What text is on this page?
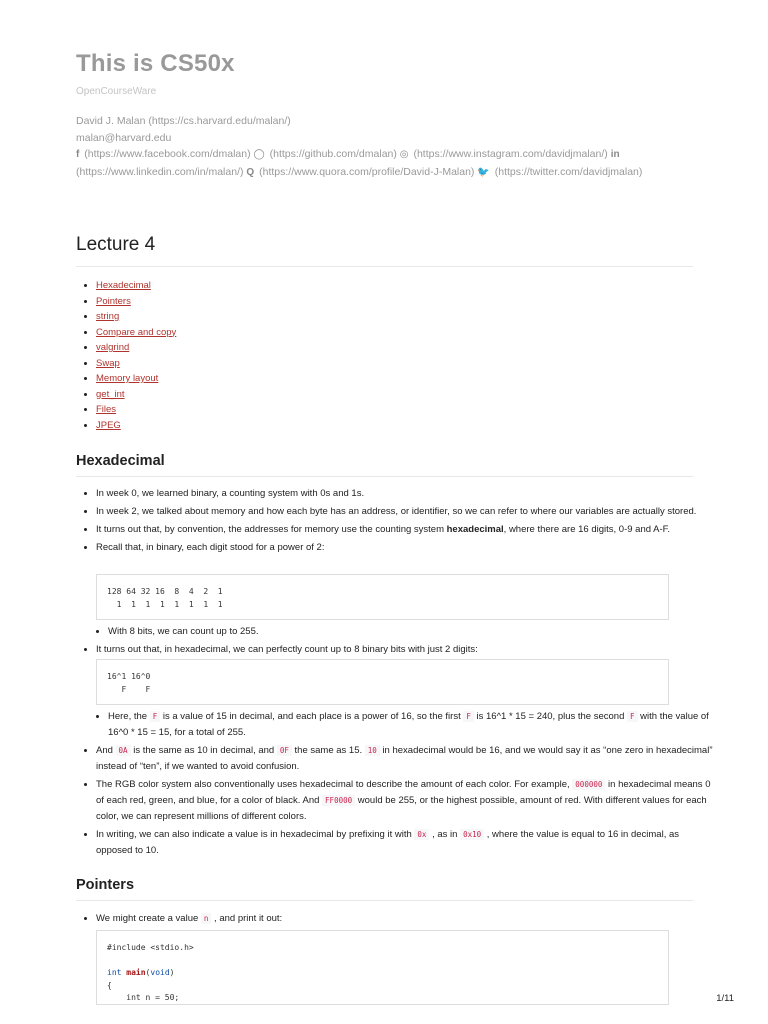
This is CS50x
OpenCourseWare
David J. Malan (https://cs.harvard.edu/malan/)
malan@harvard.edu
f (https://www.facebook.com/dmalan) ◯ (https://github.com/dmalan) ◎ (https://www.instagram.com/davidjmalan/) in (https://www.linkedin.com/in/malan/) Q (https://www.quora.com/profile/David-J-Malan) 🐦 (https://twitter.com/davidjmalan)
Lecture 4
• Hexadecimal
• Pointers
• string
• Compare and copy
• valgrind
• Swap
• Memory layout
• get_int
• Files
• JPEG
Hexadecimal
• In week 0, we learned binary, a counting system with 0s and 1s.
• In week 2, we talked about memory and how each byte has an address, or identifier, so we can refer to where our variables are actually stored.
• It turns out that, by convention, the addresses for memory use the counting system hexadecimal, where there are 16 digits, 0-9 and A-F.
• Recall that, in binary, each digit stood for a power of 2:
128 64 32 16  8  4  2  1
1  1  1  1  1  1  1  1
• With 8 bits, we can count up to 255.
• It turns out that, in hexadecimal, we can perfectly count up to 8 binary bits with just 2 digits:
16^1 16^0
F    F
• Here, the F is a value of 15 in decimal, and each place is a power of 16, so the first F is 16^1 * 15 = 240, plus the second F with the value of 16^0 * 15 = 15, for a total of 255.
• And 0A is the same as 10 in decimal, and 0F the same as 15. 10 in hexadecimal would be 16, and we would say it as “one zero in hexadecimal” instead of “ten”, if we wanted to avoid confusion.
• The RGB color system also conventionally uses hexadecimal to describe the amount of each color. For example, 000000 in hexadecimal means 0 of each red, green, and blue, for a color of black. And FF0000 would be 255, or the highest possible, amount of red. With different values for each color, we can represent millions of different colors.
• In writing, we can also indicate a value is in hexadecimal by prefixing it with 0x , as in 0x10 , where the value is equal to 16 in decimal, as opposed to 10.
Pointers
• We might create a value n , and print it out:
#include <stdio.h>

int main(void)
{
int n = 50;	1/11
